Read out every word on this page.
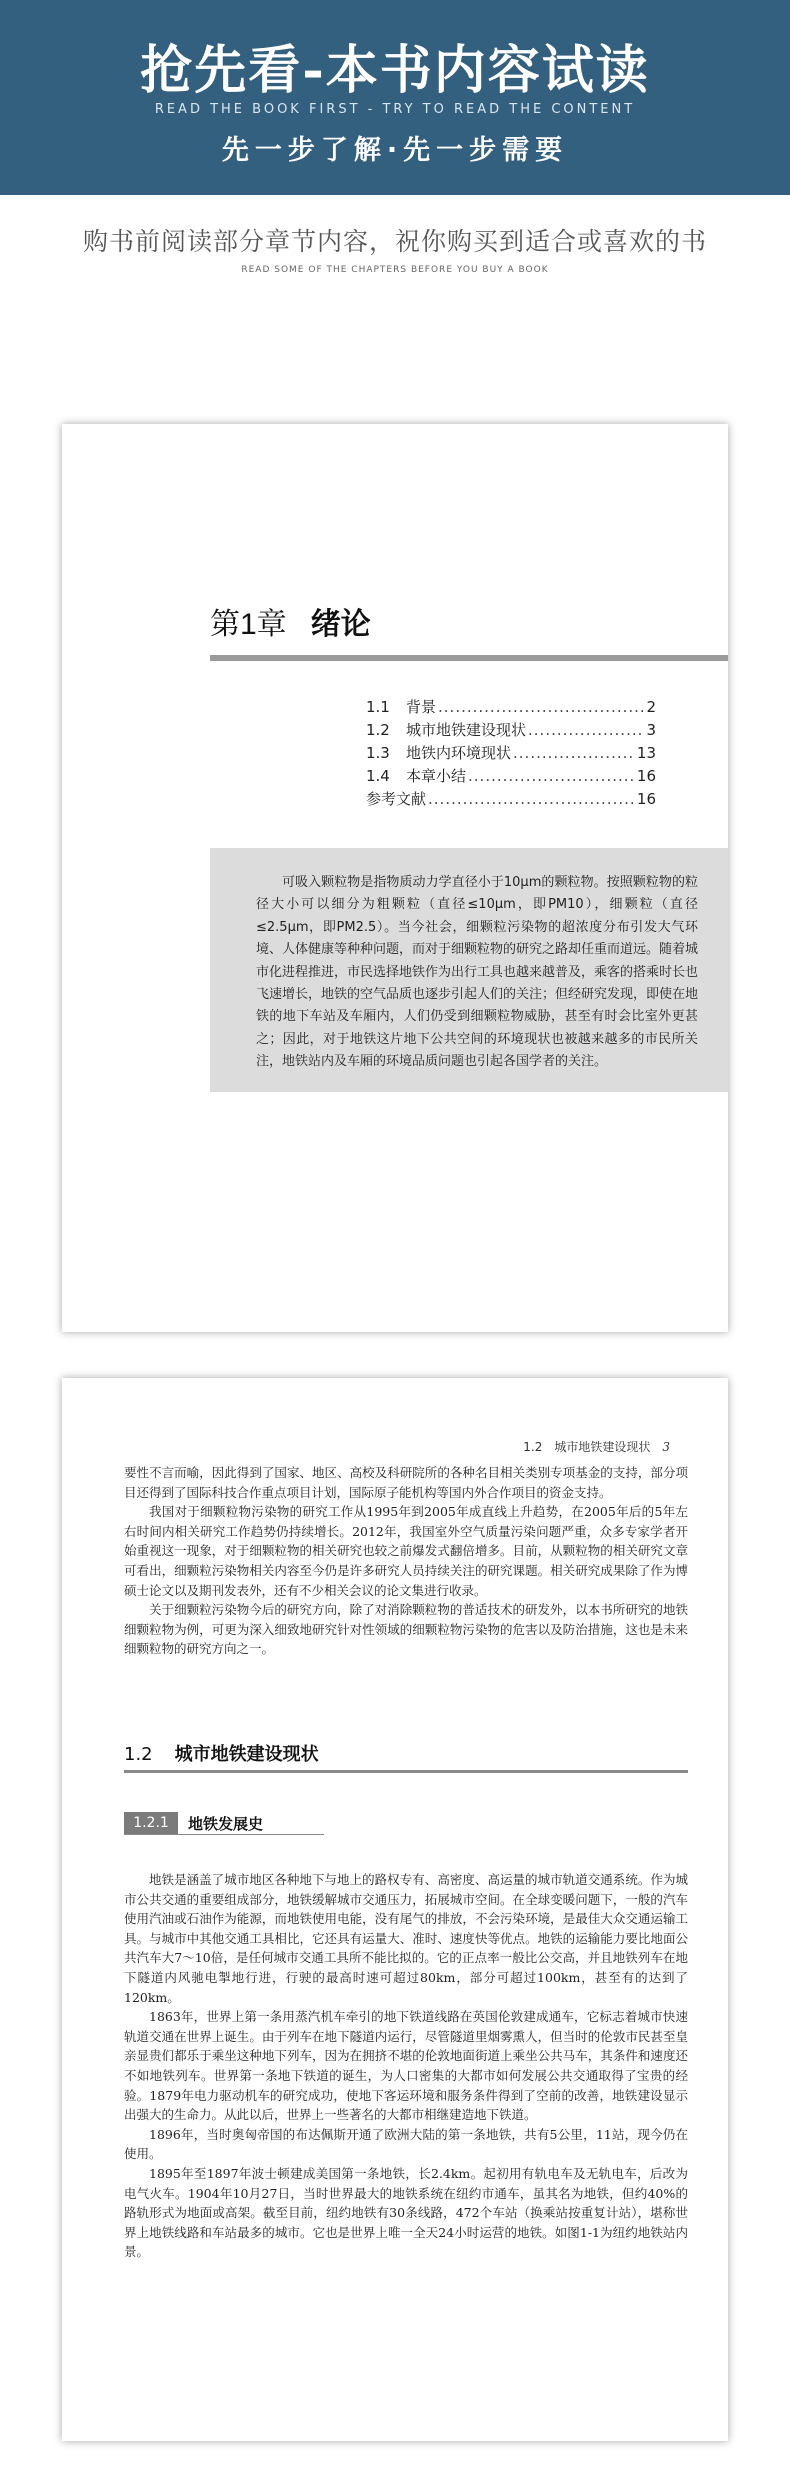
抢先看-本书内容试读
READ THE BOOK FIRST - TRY TO READ THE CONTENT
先一步了解·先一步需要
购书前阅读部分章节内容，祝你购买到适合或喜欢的书
READ SOME OF THE CHAPTERS BEFORE YOU BUY A BOOK
第1章 绪论
1.1	背景 .....	2
1.2	城市地铁建设现状 .....	3
1.3	地铁内环境现状 .....	13
1.4	本章小结 .....	16
参考文献 .....	16
可吸入颗粒物是指物质动力学直径小于10μm的颗粒物。按照颗粒物的粒径大小可以细分为粗颗粒（直径≤10μm，即PM10），细颗粒（直径≤2.5μm，即PM2.5）。当今社会，细颗粒污染物的超浓度分布引发大气环境、人体健康等种种问题，而对于细颗粒物的研究之路却任重而道远。随着城市化进程推进，市民选择地铁作为出行工具也越来越普及，乘客的搭乘时长也飞速增长，地铁的空气品质也逐步引起人们的关注；但经研究发现，即使在地铁的地下车站及车厢内，人们仍受到细颗粒物威胁，甚至有时会比室外更甚之；因此，对于地铁这片地下公共空间的环境现状也被越来越多的市民所关注，地铁站内及车厢的环境品质问题也引起各国学者的关注。
1.2　城市地铁建设现状 3

要性不言而喻，因此得到了国家、地区、高校及科研院所的各种名目相关类别专项基金的支持，部分项目还得到了国际科技合作重点项目计划，国际原子能机构等国内外合作项目的资金支持。

我国对于细颗粒物污染物的研究工作从1995年到2005年成直线上升趋势，在2005年后的5年左右时间内相关研究工作趋势仍持续增长。2012年，我国室外空气质量污染问题严重，众多专家学者开始重视这一现象，对于细颗粒物的相关研究也较之前爆发式翻倍增多。目前，从颗粒物的相关研究文章可看出，细颗粒污染物相关内容至今仍是许多研究人员持续关注的研究课题。相关研究成果除了作为博硕士论文以及期刊发表外，还有不少相关会议的论文集进行收录。

关于细颗粒污染物今后的研究方向，除了对消除颗粒物的普适技术的研发外，以本书所研究的地铁细颗粒物为例，可更为深入细致地研究针对性领域的细颗粒物污染物的危害以及防治措施，这也是未来细颗粒物的研究方向之一。

1.2 城市地铁建设现状
1.2.1	地铁发展史

地铁是涵盖了城市地区各种地下与地上的路权专有、高密度、高运量的城市轨道交通系统。作为城市公共交通的重要组成部分，地铁缓解城市交通压力，拓展城市空间。在全球变暖问题下，一般的汽车使用汽油或石油作为能源，而地铁使用电能，没有尾气的排放，不会污染环境，是最佳大众交通运输工具。与城市中其他交通工具相比，它还具有运量大、准时、速度快等优点。地铁的运输能力要比地面公共汽车大7～10倍，是任何城市交通工具所不能比拟的。它的正点率一般比公交高，并且地铁列车在地下隧道内风驰电掣地行进，行驶的最高时速可超过80km，部分可超过100km，甚至有的达到了120km。

1863年，世界上第一条用蒸汽机车牵引的地下铁道线路在英国伦敦建成通车，它标志着城市快速轨道交通在世界上诞生。由于列车在地下隧道内运行，尽管隧道里烟雾熏人，但当时的伦敦市民甚至皇亲显贵们都乐于乘坐这种地下列车，因为在拥挤不堪的伦敦地面街道上乘坐公共马车，其条件和速度还不如地铁列车。世界第一条地下铁道的诞生，为人口密集的大都市如何发展公共交通取得了宝贵的经验。1879年电力驱动机车的研究成功，使地下客运环境和服务条件得到了空前的改善，地铁建设显示出强大的生命力。从此以后，世界上一些著名的大都市相继建造地下铁道。

1896年，当时奥匈帝国的布达佩斯开通了欧洲大陆的第一条地铁，共有5公里，11站，现今仍在使用。

1895年至1897年波士顿建成美国第一条地铁，长2.4km。起初用有轨电车及无轨电车，后改为电气火车。1904年10月27日，当时世界最大的地铁系统在纽约市通车，虽其名为地铁，但约40%的路轨形式为地面或高架。截至目前，纽约地铁有30条线路，472个车站（换乘站按重复计站），堪称世界上地铁线路和车站最多的城市。它也是世界上唯一全天24小时运营的地铁。如图1-1为纽约地铁站内景。
